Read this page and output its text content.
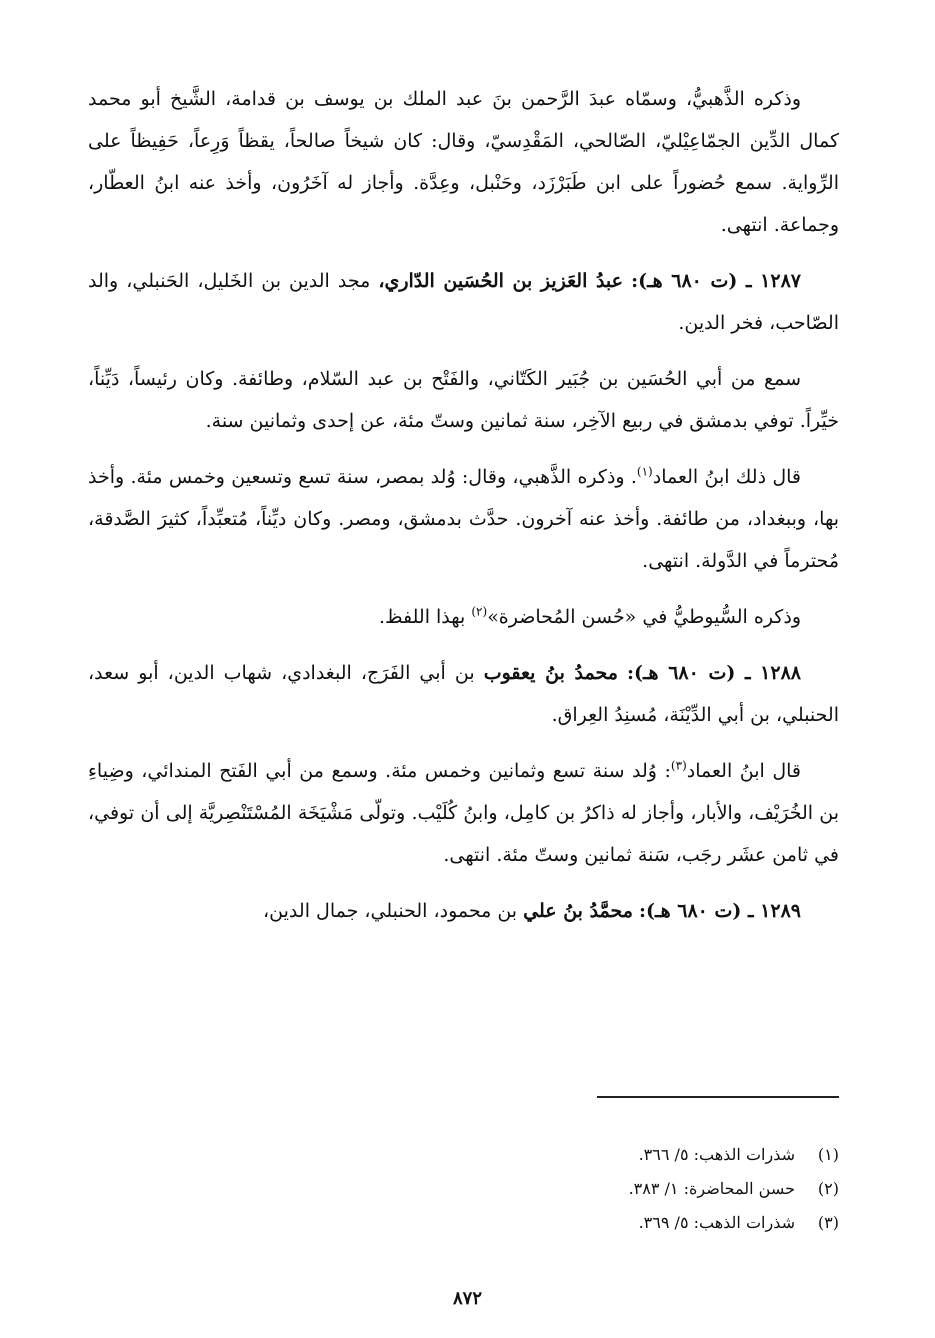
وذكره الذَّهبيُّ، وسمّاه عبدَ الرَّحمن بنَ عبد الملك بن يوسف بن قدامة، الشَّيخ أبو محمد كمال الدِّين الجمّاعِيْليّ، الصّالحي، المَقْدِسيّ، وقال: كان شيخاً صالحاً، يقظاً وَرِعاً، حَفِيظاً على الرِّواية. سمع حُضوراً على ابن طَبَرْزَد، وحَنْبل، وعِدَّة. وأجاز له آخَرُون، وأخذ عنه ابنُ العطّار، وجماعة. انتهى.

١٢٨٧ ـ (ت ٦٨٠ هـ): عبدُ العَزيز بن الحُسَين الدّاري، مجد الدين بن الخَليل، الحَنبلي، والد الصّاحب، فخر الدين.

سمع من أبي الحُسَين بن جُبَير الكَتّاني، والفَتْح بن عبد السّلام، وطائفة. وكان رئيساً، دَيِّناً، خيِّراً. توفي بدمشق في ربيع الآخِر، سنة ثمانين وستّ مئة، عن إحدى وثمانين سنة.

قال ذلك ابنُ العماد$^{(١)}$. وذكره الذَّهبي، وقال: وُلد بمصر، سنة تسع وتسعين وخمس مئة. وأخذ بها، وببغداد، من طائفة. وأخذ عنه آخرون. حدَّث بدمشق، ومصر. وكان ديِّناً، مُتعبِّداً، كثيرَ الصَّدقة، مُحترماً في الدَّولة. انتهى.

وذكره السُّيوطيُّ في «حُسن المُحاضرة»$^{(٢)}$ بهذا اللفظ.

١٢٨٨ ـ (ت ٦٨٠ هـ): محمدُ بنُ يعقوب بن أبي الفَرَج، البغدادي، شهاب الدين، أبو سعد، الحنبلي، بن أبي الدِّيْنَة، مُسنِدُ العِراق.

قال ابنُ العماد$^{(٣)}$: وُلد سنة تسع وثمانين وخمس مئة. وسمع من أبي الفَتح المندائي، وضِياءِ بن الخُرَيْف، والأبار، وأجاز له ذاكرُ بن كامِل، وابنُ كُلَيْب. وتولّى مَشْيَخَة المُسْتَنْصِريَّة إلى أن توفي، في ثامن عشَر رجَب، سَنة ثمانين وستّ مئة. انتهى.

١٢٨٩ ـ (ت ٦٨٠ هـ): محمَّدُ بنُ علي بن محمود، الحنبلي، جمال الدين،

(١)شذرات الذهب: ٥/ ٣٦٦.
(٢)حسن المحاضرة: ١/ ٣٨٣.
(٣)شذرات الذهب: ٥/ ٣٦٩.
٨٧٢
